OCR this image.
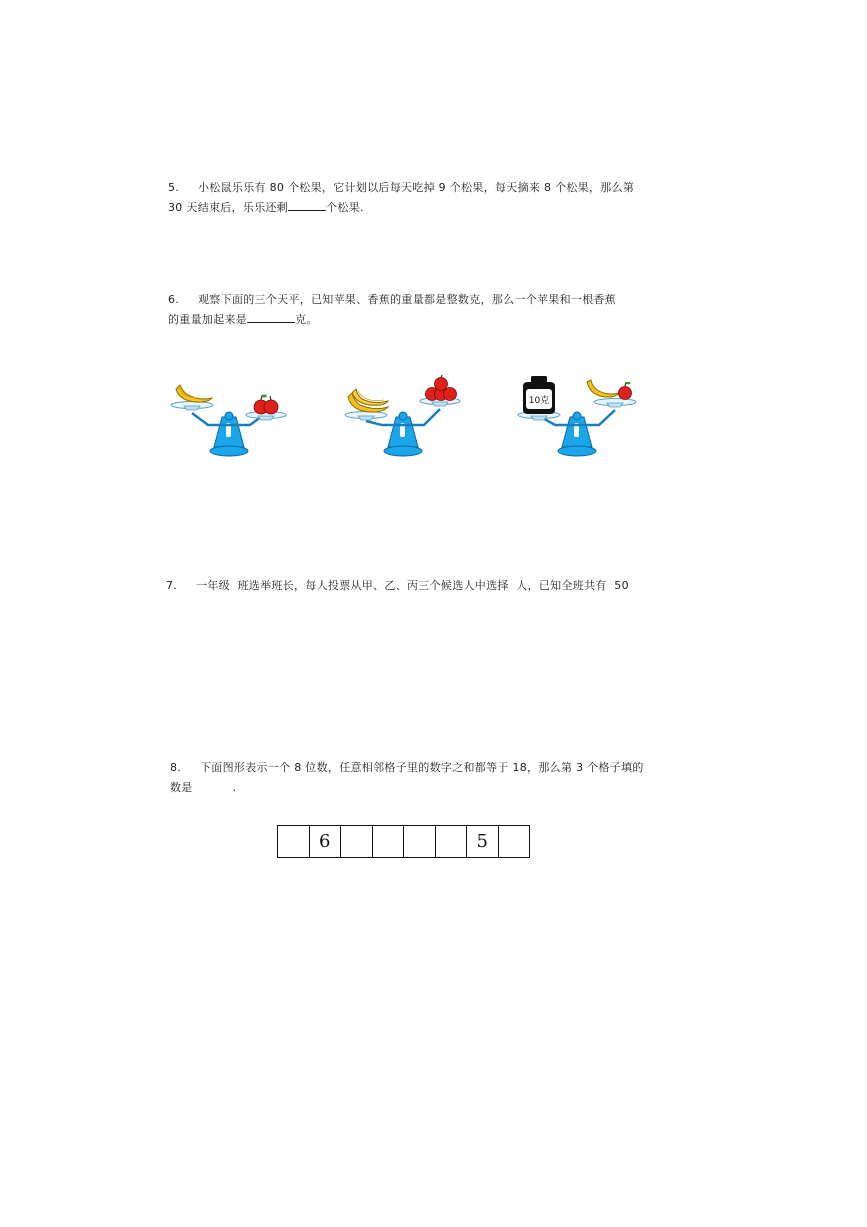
5. 小松鼠乐乐有 80 个松果，它计划以后每天吃掉 9 个松果，每天摘来 8 个松果，那么第
30 天结束后，乐乐还剩	个松果.
6. 观察下面的三个天平，已知苹果、香蕉的重量都是整数克，那么一个苹果和一根香蕉
的重量加起来是	克。
10克
7. 一年级  班选举班长，每人投票从甲、乙、丙三个候选人中选择  人，已知全班共有  50
8. 下面图形表示一个 8 位数，任意相邻格子里的数字之和都等于 18，那么第 3 个格子填的
数是	.
6	5
